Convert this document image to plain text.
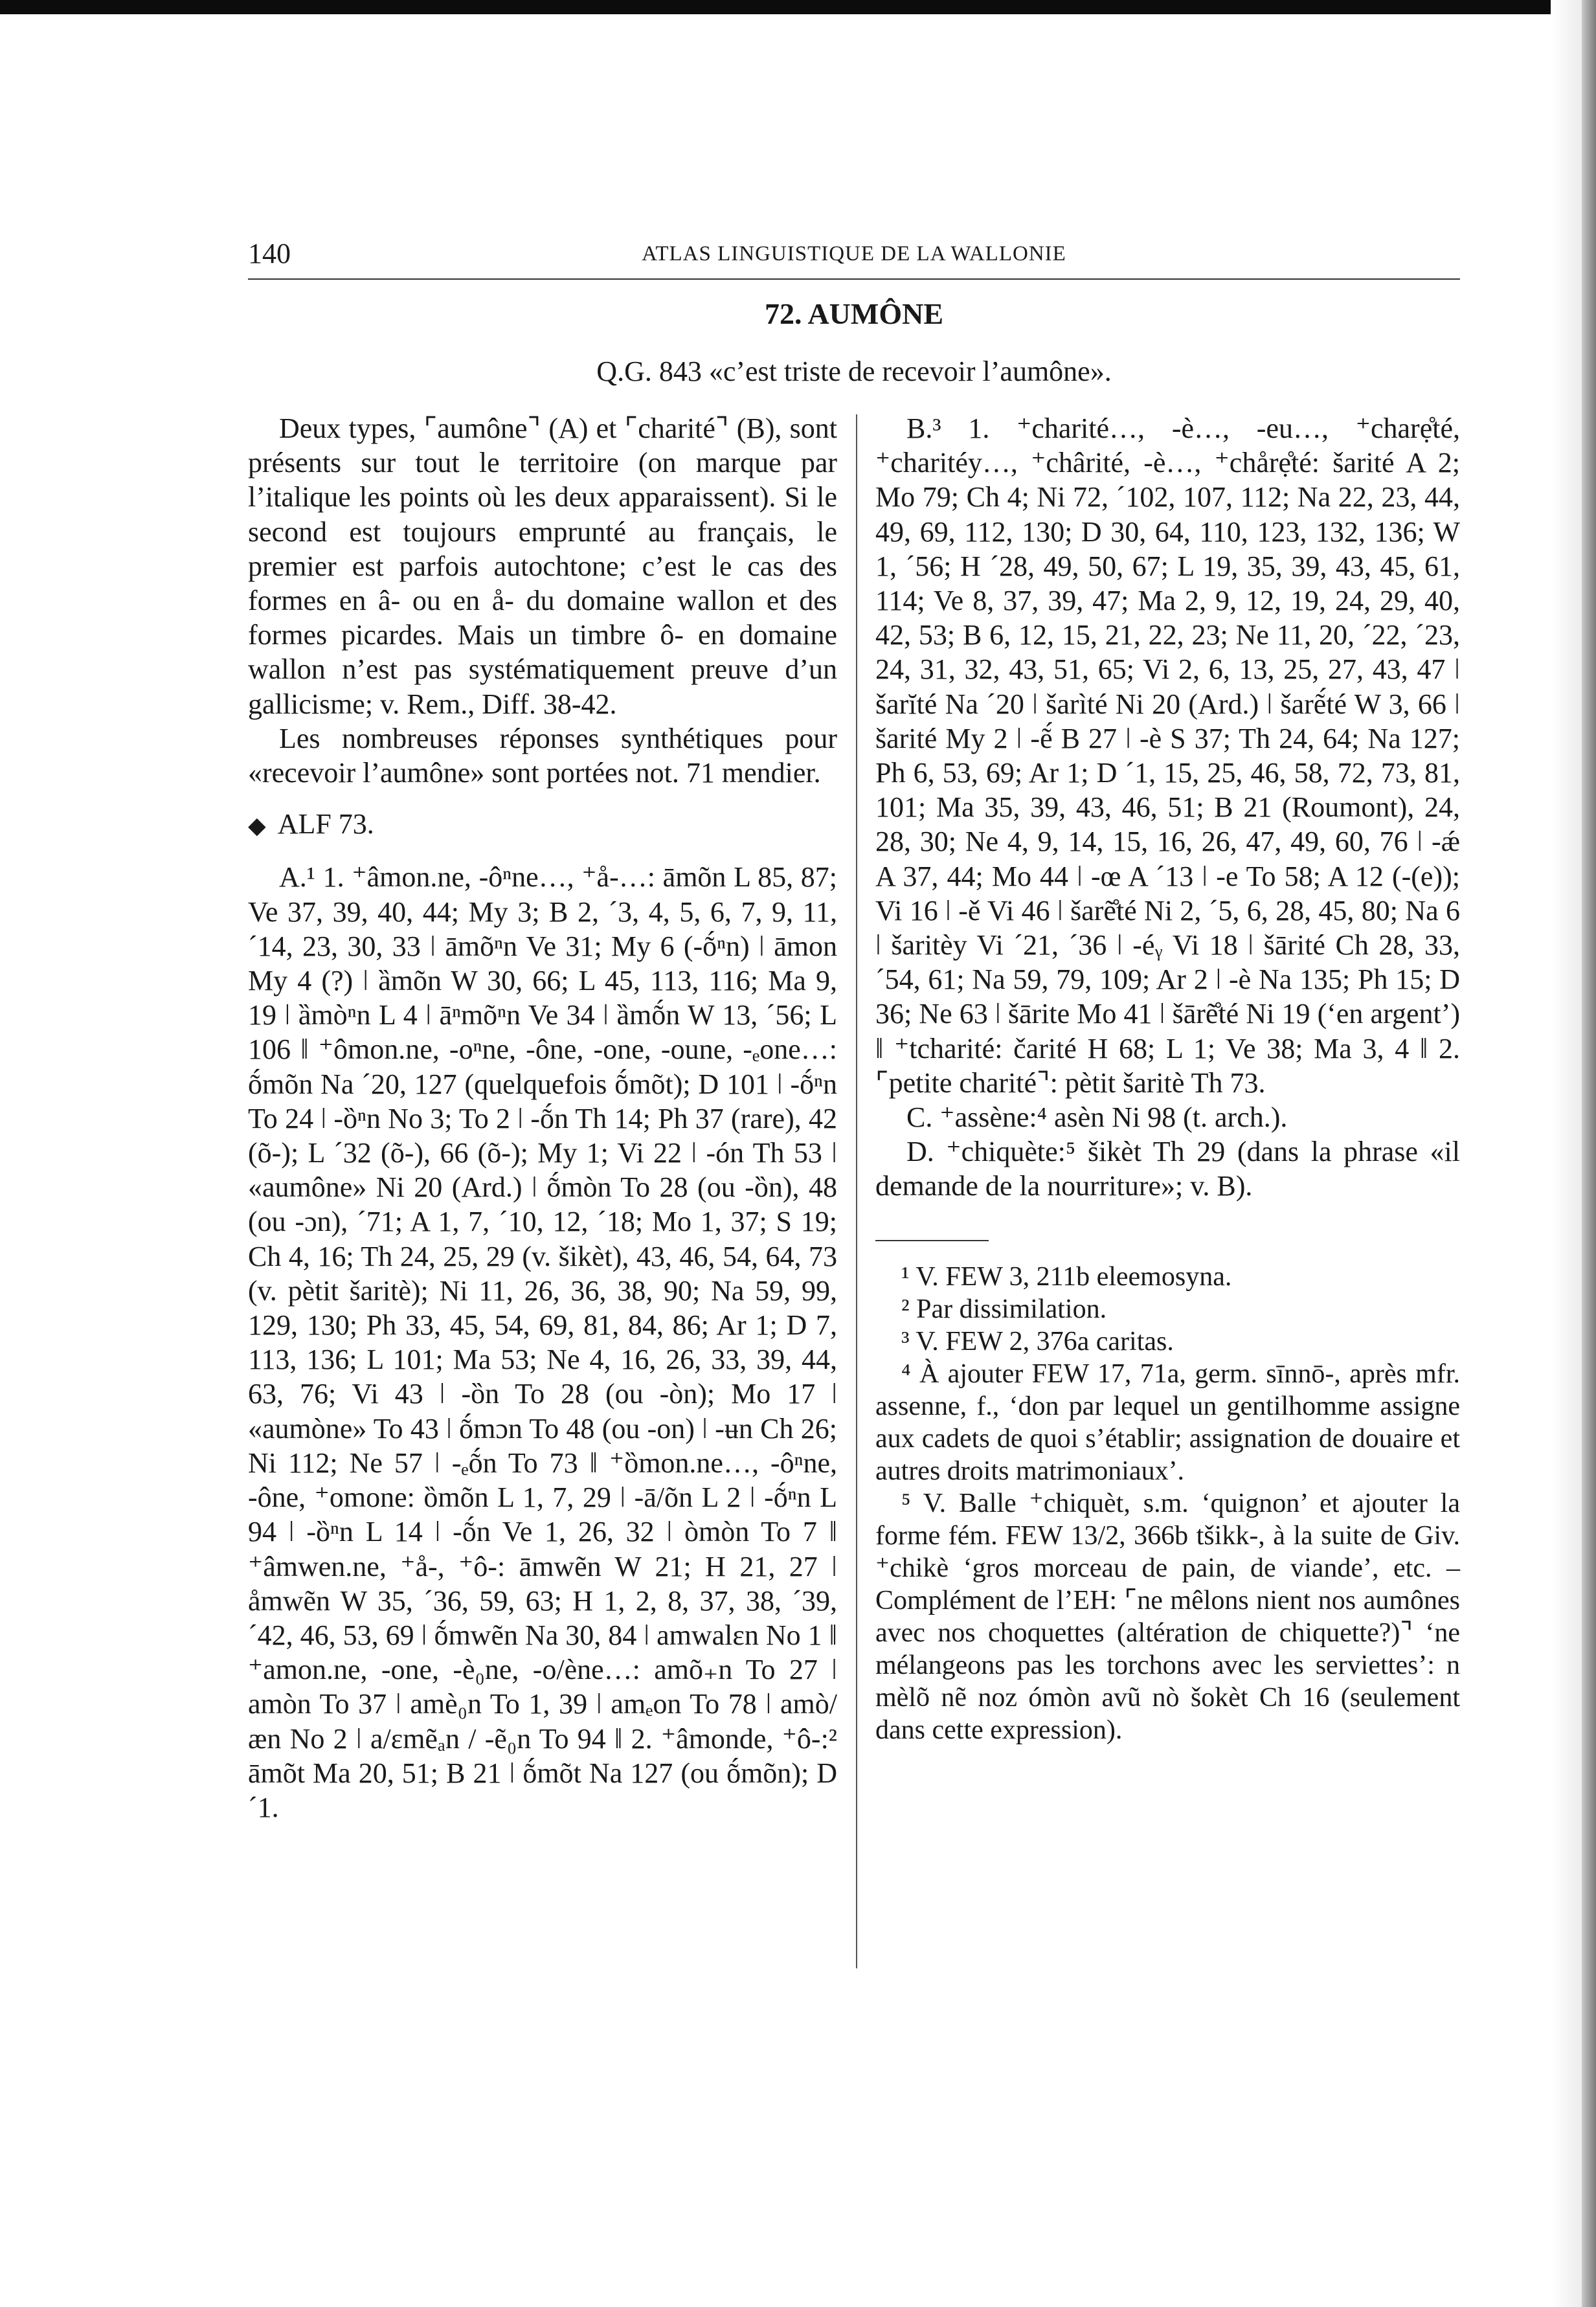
140	ATLAS LINGUISTIQUE DE LA WALLONIE
72. AUMÔNE
Q.G. 843 «c’est triste de recevoir l’aumône».

Deux types, ⌜aumône⌝ (A) et ⌜charité⌝ (B), sont présents sur tout le territoire (on marque par l’italique les points où les deux apparaissent). Si le second est toujours emprunté au français, le premier est parfois autochtone; c’est le cas des formes en â- ou en å- du domaine wallon et des formes picardes. Mais un timbre ô- en domaine wallon n’est pas systématiquement preuve d’un gallicisme; v. Rem., Diff. 38-42.

Les nombreuses réponses synthétiques pour «recevoir l’aumône» sont portées not. 71 mendier.

◆ ALF 73.

A.¹ 1. ⁺âmon.ne, -ôⁿne…, ⁺å-…: āmõn L 85, 87; Ve 37, 39, 40, 44; My 3; B 2, ´3, 4, 5, 6, 7, 9, 11, ´14, 23, 30, 33 ǀ āmõⁿn Ve 31; My 6 (-ṍⁿn) ǀ āmon My 4 (?) ǀ ȁmõn W 30, 66; L 45, 113, 116; Ma 9, 19 ǀ ȁmòⁿn L 4 ǀ āⁿmõⁿn Ve 34 ǀ ȁmṍn W 13, ´56; L 106 ǁ ⁺ômon.ne, -oⁿne, -ône, -one, -oune, -ₑone…: ṍmõn Na ´20, 127 (quelquefois ṍmõt); D 101 ǀ -ṍⁿn To 24 ǀ -ȍⁿn No 3; To 2 ǀ -ṍn Th 14; Ph 37 (rare), 42 (õ-); L ´32 (õ-), 66 (õ-); My 1; Vi 22 ǀ -ón Th 53 ǀ «aumône» Ni 20 (Ard.) ǀ ṍmòn To 28 (ou -ȍn), 48 (ou -ɔn), ´71; A 1, 7, ´10, 12, ´18; Mo 1, 37; S 19; Ch 4, 16; Th 24, 25, 29 (v. šikèt), 43, 46, 54, 64, 73 (v. pètit šaritè); Ni 11, 26, 36, 38, 90; Na 59, 99, 129, 130; Ph 33, 45, 54, 69, 81, 84, 86; Ar 1; D 7, 113, 136; L 101; Ma 53; Ne 4, 16, 26, 33, 39, 44, 63, 76; Vi 43 ǀ -ȍn To 28 (ou -òn); Mo 17 ǀ «aumòne» To 43 ǀ ṍmɔn To 48 (ou -on) ǀ -ʉn Ch 26; Ni 112; Ne 57 ǀ -ₑṍn To 73 ǁ ⁺ȍmon.ne…, -ôⁿne, -ône, ⁺omone: ȍmõn L 1, 7, 29 ǀ -ā/õn L 2 ǀ -ṍⁿn L 94 ǀ -ȍⁿn L 14 ǀ -ṍn Ve 1, 26, 32 ǀ òmòn To 7 ǁ ⁺âmwen.ne, ⁺å-, ⁺ô-: āmwẽn W 21; H 21, 27 ǀ åmwẽn W 35, ´36, 59, 63; H 1, 2, 8, 37, 38, ´39, ´42, 46, 53, 69 ǀ ṍmwẽn Na 30, 84 ǀ amwalɛn No 1 ǁ ⁺amon.ne, -one, -è₀ne, -o/ène…: amõ₊n To 27 ǀ amòn To 37 ǀ amè₀n To 1, 39 ǀ amₑon To 78 ǀ amò/æn No 2 ǀ a/ɛmẽₐn / -ẽ₀n To 94 ǁ 2. ⁺âmonde, ⁺ô-:² āmõt Ma 20, 51; B 21 ǀ ṍmõt Na 127 (ou ṍmõn); D ´1.

B.³ 1. ⁺charité…, -è…, -eu…, ⁺charẹ̊té, ⁺charitéy…, ⁺chârité, -è…, ⁺chårẹ̊té: šarité A 2; Mo 79; Ch 4; Ni 72, ´102, 107, 112; Na 22, 23, 44, 49, 69, 112, 130; D 30, 64, 110, 123, 132, 136; W 1, ´56; H ´28, 49, 50, 67; L 19, 35, 39, 43, 45, 61, 114; Ve 8, 37, 39, 47; Ma 2, 9, 12, 19, 24, 29, 40, 42, 53; B 6, 12, 15, 21, 22, 23; Ne 11, 20, ´22, ´23, 24, 31, 32, 43, 51, 65; Vi 2, 6, 13, 25, 27, 43, 47 ǀ šarĭté Na ´20 ǀ šarìté Ni 20 (Ard.) ǀ šarẽ́té W 3, 66 ǀ šarité My 2 ǀ -ẽ́ B 27 ǀ -è S 37; Th 24, 64; Na 127; Ph 6, 53, 69; Ar 1; D ´1, 15, 25, 46, 58, 72, 73, 81, 101; Ma 35, 39, 43, 46, 51; B 21 (Roumont), 24, 28, 30; Ne 4, 9, 14, 15, 16, 26, 47, 49, 60, 76 ǀ -ǽ A 37, 44; Mo 44 ǀ -œ A ´13 ǀ -e To 58; A 12 (-(e)); Vi 16 ǀ -ě Vi 46 ǀ šarẽ̊té Ni 2, ´5, 6, 28, 45, 80; Na 6 ǀ šaritèy Vi ´21, ´36 ǀ -éᵧ Vi 18 ǀ šārité Ch 28, 33, ´54, 61; Na 59, 79, 109; Ar 2 ǀ -è Na 135; Ph 15; D 36; Ne 63 ǀ šārite Mo 41 ǀ šārẽ̊té Ni 19 (‘en argent’) ǁ ⁺tcharité: čarité H 68; L 1; Ve 38; Ma 3, 4 ǁ 2. ⌜petite charité⌝: pètit šaritè Th 73.

C. ⁺assène:⁴ asèn Ni 98 (t. arch.).

D. ⁺chiquète:⁵ šikèt Th 29 (dans la phrase «il demande de la nourriture»; v. B).

¹ V. FEW 3, 211b eleemosyna.

² Par dissimilation.

³ V. FEW 2, 376a caritas.

⁴ À ajouter FEW 17, 71a, germ. sīnnō-, après mfr. assenne, f., ‘don par lequel un gentilhomme assigne aux cadets de quoi s’établir; assignation de douaire et autres droits matrimoniaux’.

⁵ V. Balle ⁺chiquèt, s.m. ‘quignon’ et ajouter la forme fém. FEW 13/2, 366b tšikk-, à la suite de Giv. ⁺chikè ‘gros morceau de pain, de viande’, etc. – Complément de l’EH: ⌜ne mêlons nient nos aumônes avec nos choquettes (altération de chiquette?)⌝ ‘ne mélangeons pas les torchons avec les serviettes’: n mèlõ nẽ noz ómòn avũ nò šokèt Ch 16 (seulement dans cette expression).
